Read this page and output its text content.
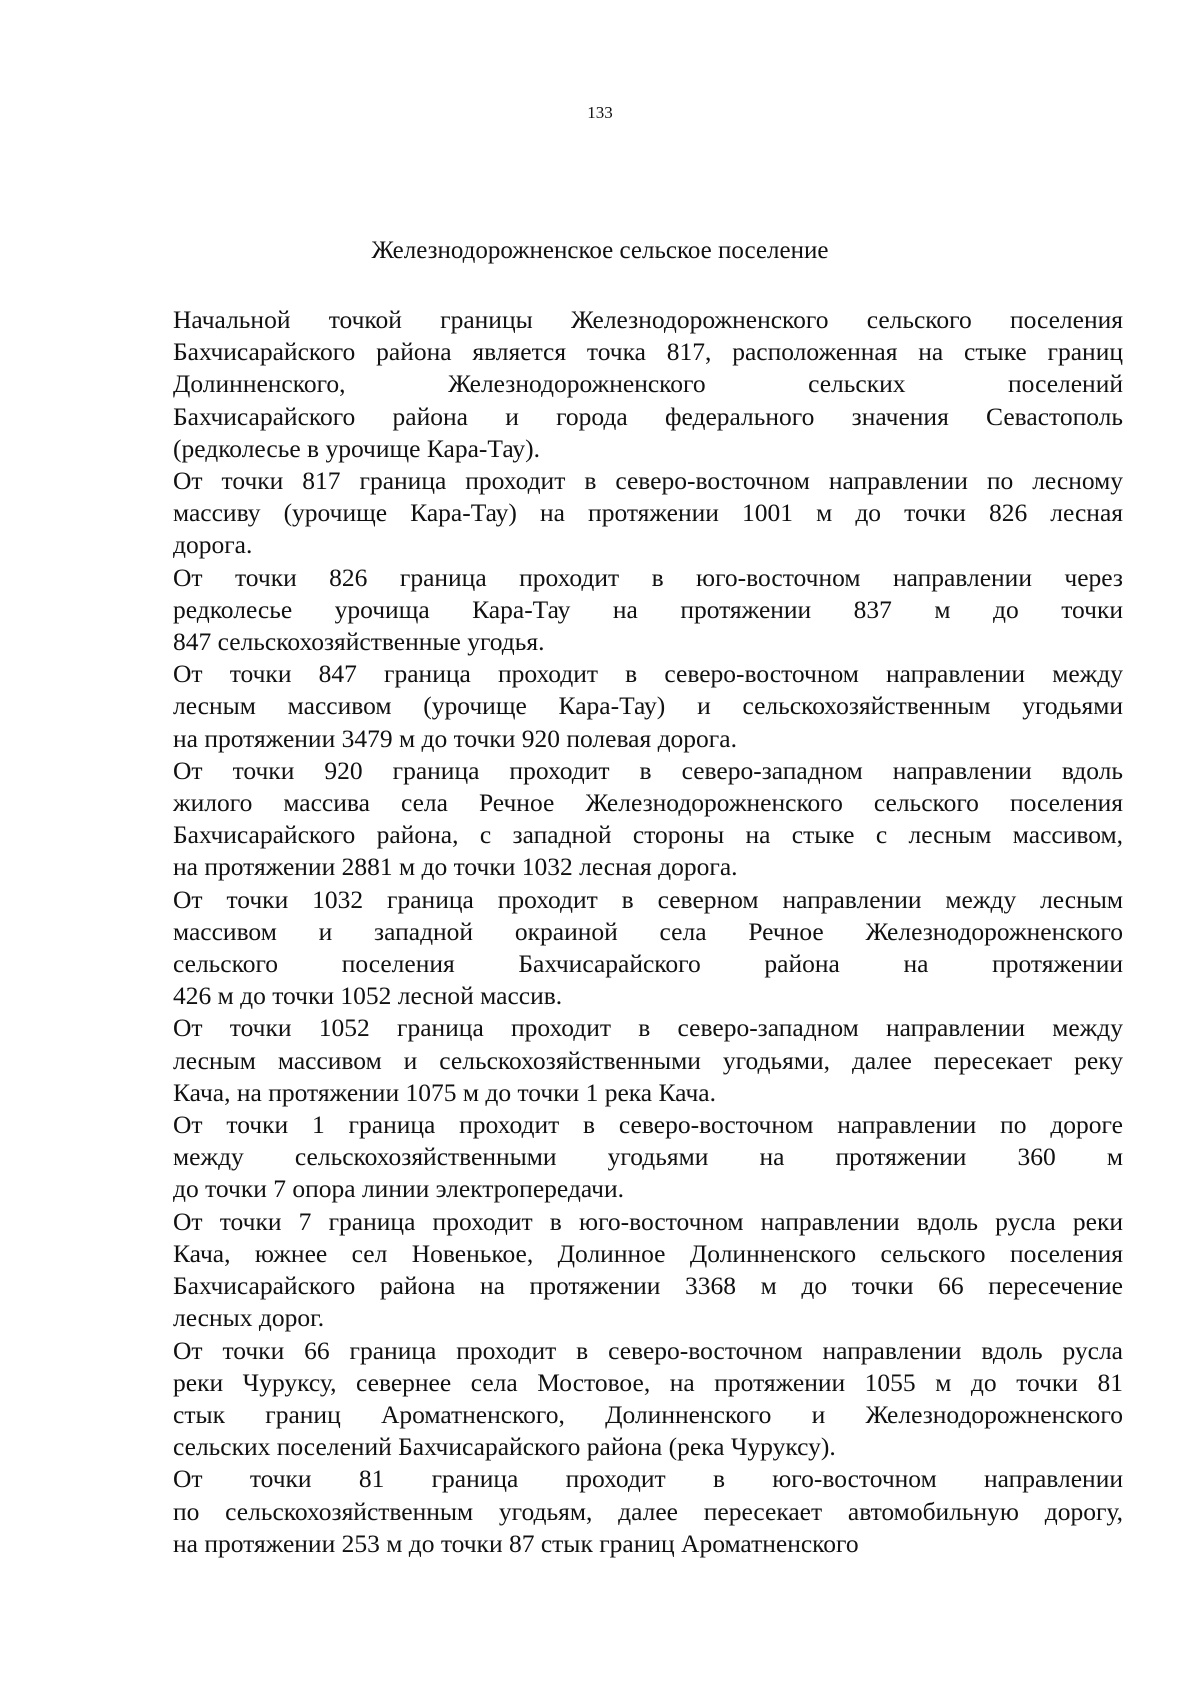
133
Железнодорожненское сельское поселение
Начальной точкой границы Железнодорожненского сельского поселения
Бахчисарайского района является точка 817, расположенная на стыке границ
Долинненского, Железнодорожненского сельских поселений
Бахчисарайского района и города федерального значения Севастополь
(редколесье в урочище Кара-Тау).
От точки 817 граница проходит в северо-восточном направлении по лесному
массиву (урочище Кара-Тау) на протяжении 1001 м до точки 826 лесная
дорога.
От точки 826 граница проходит в юго-восточном направлении через
редколесье урочища Кара-Тау на протяжении 837 м до точки
847 сельскохозяйственные угодья.
От точки 847 граница проходит в северо-восточном направлении между
лесным массивом (урочище Кара-Тау) и сельскохозяйственным угодьями
на протяжении 3479 м до точки 920 полевая дорога.
От точки 920 граница проходит в северо-западном направлении вдоль
жилого массива села Речное Железнодорожненского сельского поселения
Бахчисарайского района, с западной стороны на стыке с лесным массивом,
на протяжении 2881 м до точки 1032 лесная дорога.
От точки 1032 граница проходит в северном направлении между лесным
массивом и западной окраиной села Речное Железнодорожненского
сельского поселения Бахчисарайского района на протяжении
426 м до точки 1052 лесной массив.
От точки 1052 граница проходит в северо-западном направлении между
лесным массивом и сельскохозяйственными угодьями, далее пересекает реку
Кача, на протяжении 1075 м до точки 1 река Кача.
От точки 1 граница проходит в северо-восточном направлении по дороге
между сельскохозяйственными угодьями на протяжении 360 м
до точки 7 опора линии электропередачи.
От точки 7 граница проходит в юго-восточном направлении вдоль русла реки
Кача, южнее сел Новенькое, Долинное Долинненского сельского поселения
Бахчисарайского района на протяжении 3368 м до точки 66 пересечение
лесных дорог.
От точки 66 граница проходит в северо-восточном направлении вдоль русла
реки Чуруксу, севернее села Мостовое, на протяжении 1055 м до точки 81
стык границ Ароматненского, Долинненского и Железнодорожненского
сельских поселений Бахчисарайского района (река Чуруксу).
От точки 81 граница проходит в юго-восточном направлении
по сельскохозяйственным угодьям, далее пересекает автомобильную дорогу,
на протяжении 253 м до точки 87 стык границ Ароматненского
